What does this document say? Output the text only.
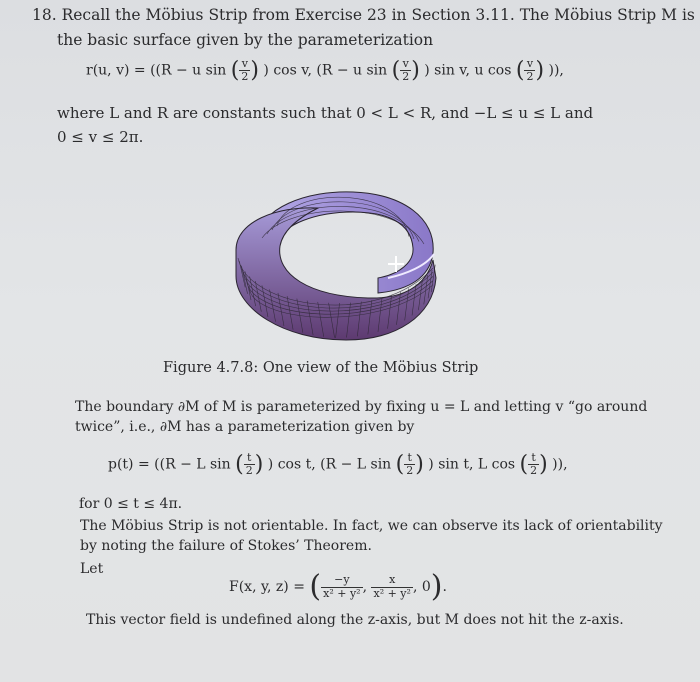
18. Recall the Möbius Strip from Exercise 23 in Section 3.11. The Möbius Strip M is
the basic surface given by the parameterization
r(u, v) = ((R − u sin ( $\frac{v}{2}$ ) ) cos v, (R − u sin ( $\frac{v}{2}$ ) ) sin v, u cos ( $\frac{v}{2}$ ) )),
where L and R are constants such that 0 < L < R, and −L ≤ u ≤ L and
0 ≤ v ≤ 2π.
Figure 4.7.8: One view of the Möbius Strip
The boundary ∂M of M is parameterized by fixing u = L and letting v “go around
twice”, i.e., ∂M has a parameterization given by
p(t) = ((R − L sin ( $\frac{t}{2}$ ) ) cos t, (R − L sin ( $\frac{t}{2}$ ) ) sin t, L cos ( $\frac{t}{2}$ ) )),
for 0 ≤ t ≤ 4π.
The Möbius Strip is not orientable. In fact, we can observe its lack of orientability
by noting the failure of Stokes’ Theorem.
Let
F(x, y, z) = ( $\frac{-y}{\text{x² + y²}}$ , $\frac{x}{\text{x² + y²}}$ , 0).
This vector field is undefined along the z-axis, but M does not hit the z-axis.
